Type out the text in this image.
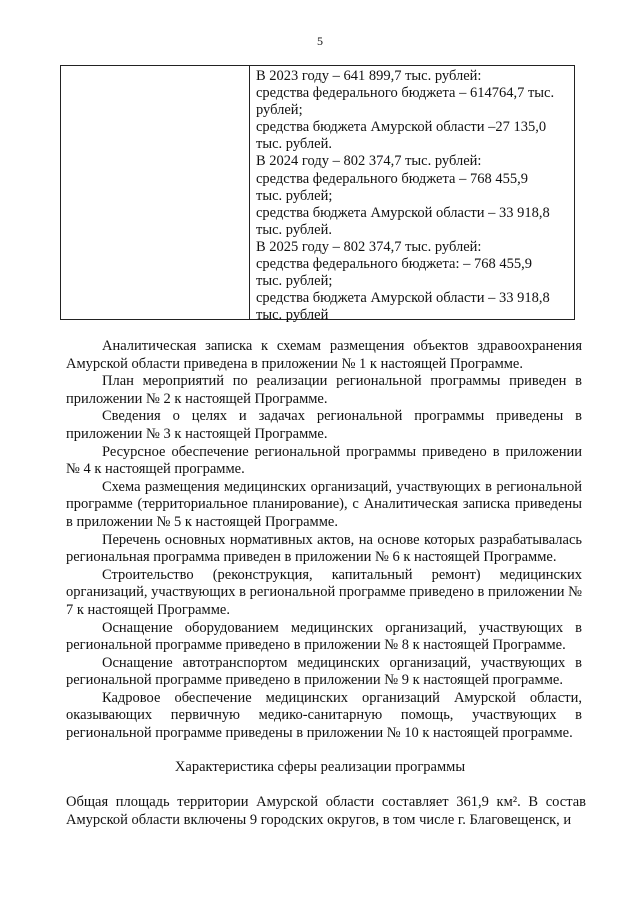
5
В 2023 году – 641 899,7 тыс. рублей:
средства федерального бюджета – 614764,7 тыс.
рублей;
средства бюджета Амурской области –27 135,0
тыс. рублей.
В 2024 году – 802 374,7 тыс. рублей:
средства федерального бюджета – 768 455,9
тыс. рублей;
средства бюджета Амурской области – 33 918,8
тыс. рублей.
В 2025 году – 802 374,7 тыс. рублей:
средства федерального бюджета: – 768 455,9
тыс. рублей;
средства бюджета Амурской области – 33 918,8
тыс. рублей

Аналитическая записка к схемам размещения объектов здравоохранения Амурской области приведена в приложении № 1 к настоящей Программе.

План мероприятий по реализации региональной программы приведен в приложении № 2 к настоящей Программе.

Сведения о целях и задачах региональной программы приведены в приложении № 3 к настоящей Программе.

Ресурсное обеспечение региональной программы приведено в приложении № 4 к настоящей программе.

Схема размещения медицинских организаций, участвующих в региональной программе (территориальное планирование), с Аналитическая записка приведены в приложении № 5 к настоящей Программе.

Перечень основных нормативных актов, на основе которых разрабатывалась региональная программа приведен в приложении № 6 к настоящей Программе.

Строительство (реконструкция, капитальный ремонт) медицинских организаций, участвующих в региональной программе приведено в приложении № 7 к настоящей Программе.

Оснащение оборудованием медицинских организаций, участвующих в региональной программе приведено в приложении № 8 к настоящей Программе.

Оснащение автотранспортом медицинских организаций, участвующих в региональной программе приведено в приложении № 9 к настоящей программе.

Кадровое обеспечение медицинских организаций Амурской области, оказывающих первичную медико-санитарную помощь, участвующих в региональной программе приведены в приложении № 10 к настоящей программе.

Характеристика сферы реализации программы

Общая площадь территории Амурской области составляет 361,9 км². В состав Амурской области включены 9 городских округов, в том числе г. Благовещенск, и
